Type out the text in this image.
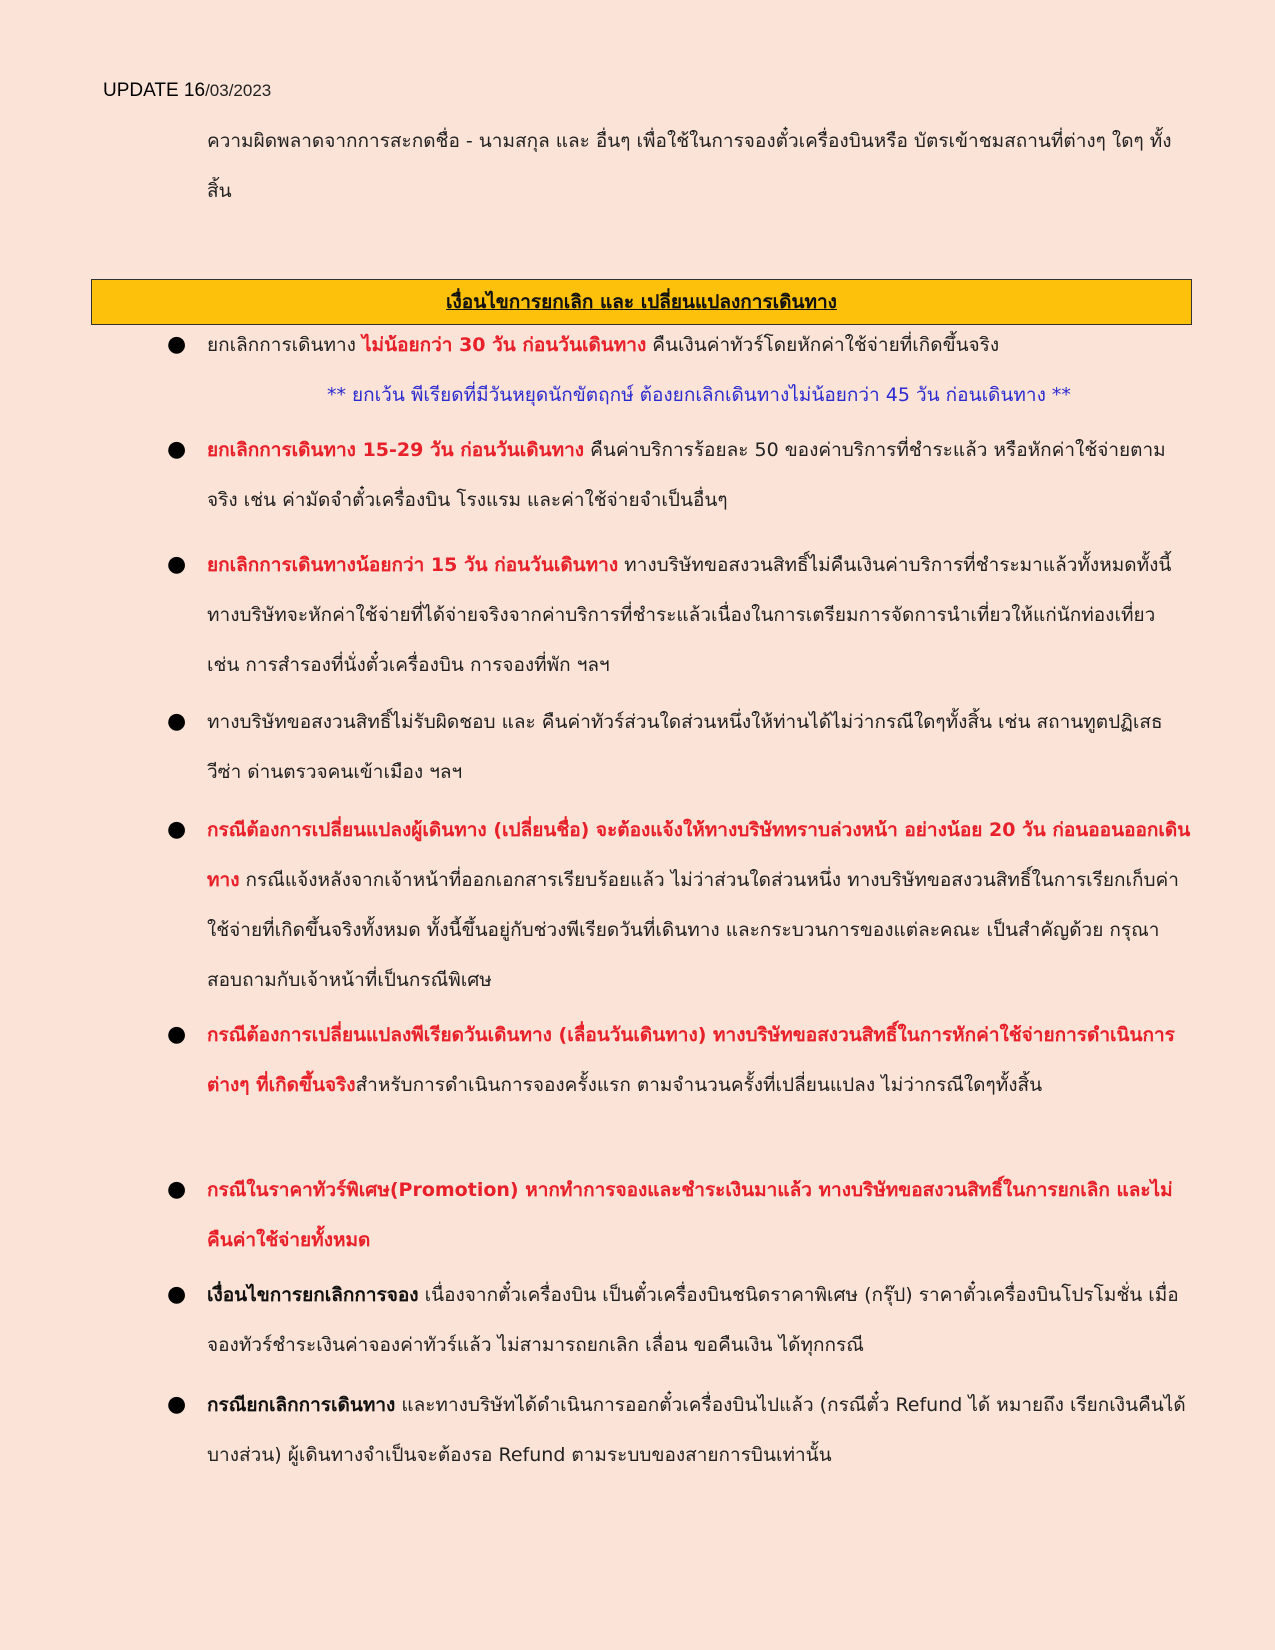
UPDATE 16/03/2023
ความผิดพลาดจากการสะกดชื่อ - นามสกุล และ อื่นๆ เพื่อใช้ในการจองตั๋วเครื่องบินหรือ บัตรเข้าชมสถานที่ต่างๆ ใดๆ ทั้งสิ้น
เงื่อนไขการยกเลิก และ เปลี่ยนแปลงการเดินทาง
● ยกเลิกการเดินทาง ไม่น้อยกว่า 30 วัน ก่อนวันเดินทาง คืนเงินค่าทัวร์โดยหักค่าใช้จ่ายที่เกิดขึ้นจริง
** ยกเว้น พีเรียดที่มีวันหยุดนักขัตฤกษ์ ต้องยกเลิกเดินทางไม่น้อยกว่า 45 วัน ก่อนเดินทาง **
● ยกเลิกการเดินทาง 15-29 วัน ก่อนวันเดินทาง คืนค่าบริการร้อยละ 50 ของค่าบริการที่ชำระแล้ว หรือหักค่าใช้จ่ายตามจริง เช่น ค่ามัดจำตั๋วเครื่องบิน โรงแรม และค่าใช้จ่ายจำเป็นอื่นๆ
● ยกเลิกการเดินทางน้อยกว่า 15 วัน ก่อนวันเดินทาง ทางบริษัทขอสงวนสิทธิ์ไม่คืนเงินค่าบริการที่ชำระมาแล้วทั้งหมดทั้งนี้ ทางบริษัทจะหักค่าใช้จ่ายที่ได้จ่ายจริงจากค่าบริการที่ชำระแล้วเนื่องในการเตรียมการจัดการนำเที่ยวให้แก่นักท่องเที่ยว เช่น การสำรองที่นั่งตั๋วเครื่องบิน การจองที่พัก ฯลฯ
● ทางบริษัทขอสงวนสิทธิ์ไม่รับผิดชอบ และ คืนค่าทัวร์ส่วนใดส่วนหนึ่งให้ท่านได้ไม่ว่ากรณีใดๆทั้งสิ้น เช่น สถานทูตปฏิเสธวีซ่า ด่านตรวจคนเข้าเมือง ฯลฯ
● กรณีต้องการเปลี่ยนแปลงผู้เดินทาง (เปลี่ยนชื่อ) จะต้องแจ้งให้ทางบริษัททราบล่วงหน้า อย่างน้อย 20 วัน ก่อนออนออกเดินทาง กรณีแจ้งหลังจากเจ้าหน้าที่ออกเอกสารเรียบร้อยแล้ว ไม่ว่าส่วนใดส่วนหนึ่ง ทางบริษัทขอสงวนสิทธิ์ในการเรียกเก็บค่าใช้จ่ายที่เกิดขึ้นจริงทั้งหมด ทั้งนี้ขึ้นอยู่กับช่วงพีเรียดวันที่เดินทาง และกระบวนการของแต่ละคณะ เป็นสำคัญด้วย กรุณาสอบถามกับเจ้าหน้าที่เป็นกรณีพิเศษ
● กรณีต้องการเปลี่ยนแปลงพีเรียดวันเดินทาง (เลื่อนวันเดินทาง) ทางบริษัทขอสงวนสิทธิ์ในการหักค่าใช้จ่ายการดำเนินการต่างๆ ที่เกิดขึ้นจริงสำหรับการดำเนินการจองครั้งแรก ตามจำนวนครั้งที่เปลี่ยนแปลง ไม่ว่ากรณีใดๆทั้งสิ้น
● กรณีในราคาทัวร์พิเศษ(Promotion) หากทำการจองและชำระเงินมาแล้ว ทางบริษัทขอสงวนสิทธิ์ในการยกเลิก และไม่คืนค่าใช้จ่ายทั้งหมด
● เงื่อนไขการยกเลิกการจอง เนื่องจากตั๋วเครื่องบิน เป็นตั๋วเครื่องบินชนิดราคาพิเศษ (กรุ๊ป) ราคาตั๋วเครื่องบินโปรโมชั่น เมื่อจองทัวร์ชำระเงินค่าจองค่าทัวร์แล้ว ไม่สามารถยกเลิก เลื่อน ขอคืนเงิน ได้ทุกกรณี
● กรณียกเลิกการเดินทาง และทางบริษัทได้ดำเนินการออกตั๋วเครื่องบินไปแล้ว (กรณีตั๋ว Refund ได้ หมายถึง เรียกเงินคืนได้บางส่วน) ผู้เดินทางจำเป็นจะต้องรอ Refund ตามระบบของสายการบินเท่านั้น
